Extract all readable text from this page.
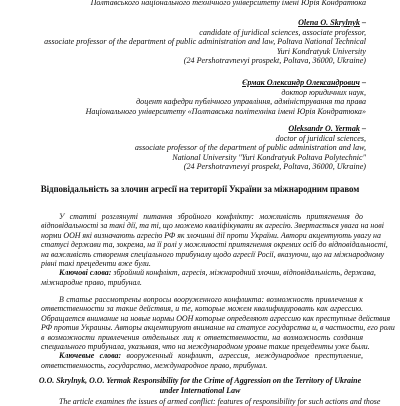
Полтавського національного технічного університету імені Юрія Кондратюка
Olena O. Skrylnyk –
candidate of juridical sciences, associate professor,
associate professor of the department of public administration and law, Poltava National Technical
Yuri Kondratyuk University
(24 Pershotravnevyi prospekt, Poltava, 36000, Ukraine)
Єрмак Олександр Олександрович –
доктор юридичних наук,
доцент кафедри публічного управління, адміністрування та права
Національного університету «Полтавська політехніка імені Юрія Кондратюка»
Oleksandr O. Yermak –
doctor of juridical sciences,
associate professor of the department of public administration and law,
National University "Yuri Kondratyuk Poltava Polytechnic"
(24 Pershotravnevyi prospekt, Poltava, 36000, Ukraine)
Відповідальність за злочин агресії на території України за міжнародним правом
У статті розглянуті питання збройного конфлікту: можливість притягнення до
відповідальності за такі дії, та ті, що можемо кваліфікувати як агресію. Звертається увага на нові
норми ООН які визначають агресію РФ як злочинні дії проти України. Автори акцентують увагу на
статусі держави та, зокрема, на її ролі у можливості притягнення окремих осіб до відповідальності,
на важливість створення спеціального трибуналу щодо агресії Росії, вказуючи, що на міжнародному
рівні такі прецеденти вже були.
Ключові слова: збройний конфлікт, агресія, міжнародний злочин, відповідальність, держава,
міжнародне право, трибунал.
В статье рассмотрены вопросы вооруженного конфликта: возможность привлечения к
ответственности за такие действия, и те, которые можем квалифицировать как агрессию.
Обращается внимание на новые нормы ООН которые определяют агрессию как преступные действия
РФ против Украины. Авторы акцентируют внимание на статусе государства и, в частности, его роли
в возможности привлечения отдельных лиц к ответственности, на возможность создания
специального трибунала, указывая, что на международном уровне такие прецеденты уже были.
Ключевые слова: вооруженный конфликт, агрессия, международное преступление,
ответственность, государство, международное право, трибунал.
O.O. Skrylnyk, O.O. Yermak Responsibility for the Crime of Aggression on the Territory of Ukraine
under International Law
The article examines the issues of armed conflict: features of responsibility for such actions and those
